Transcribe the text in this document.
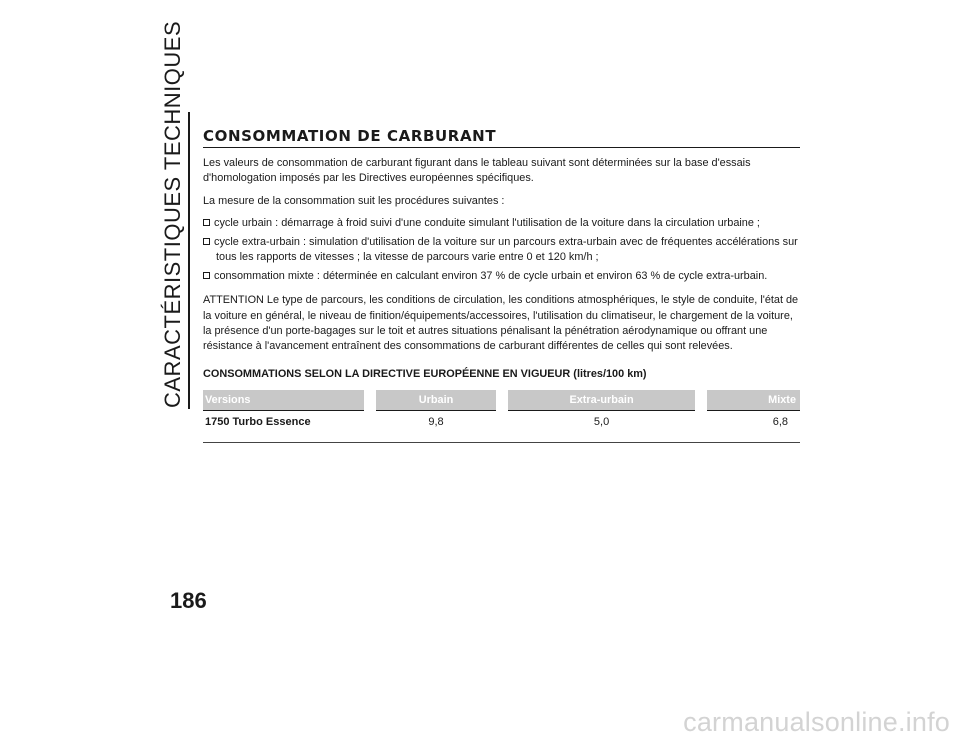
CARACTÉRISTIQUES TECHNIQUES
186
CONSOMMATION DE CARBURANT

Les valeurs de consommation de carburant figurant dans le tableau suivant sont déterminées sur la base d'essais d'homologation imposés par les Directives européennes spécifiques.

La mesure de la consommation suit les procédures suivantes :

cycle urbain : démarrage à froid suivi d'une conduite simulant l'utilisation de la voiture dans la circulation urbaine ;
cycle extra-urbain : simulation d'utilisation de la voiture sur un parcours extra-urbain avec de fréquentes accélérations sur tous les rapports de vitesses ; la vitesse de parcours varie entre 0 et 120 km/h ;
consommation mixte : déterminée en calculant environ 37 % de cycle urbain et environ 63 % de cycle extra-urbain.

ATTENTION Le type de parcours, les conditions de circulation, les conditions atmosphériques, le style de conduite, l'état de la voiture en général, le niveau de finition/équipements/accessoires, l'utilisation du climatiseur, le chargement de la voiture, la présence d'un porte-bagages sur le toit et autres situations pénalisant la pénétration aérodynamique ou offrant une résistance à l'avancement entraînent des consommations de carburant différentes de celles qui sont relevées.

CONSOMMATIONS SELON LA DIRECTIVE EUROPÉENNE EN VIGUEUR (litres/100 km)

Versions	Urbain	Extra-urbain	Mixte
1750 Turbo Essence	9,8	5,0	6,8
carmanualsonline.info
